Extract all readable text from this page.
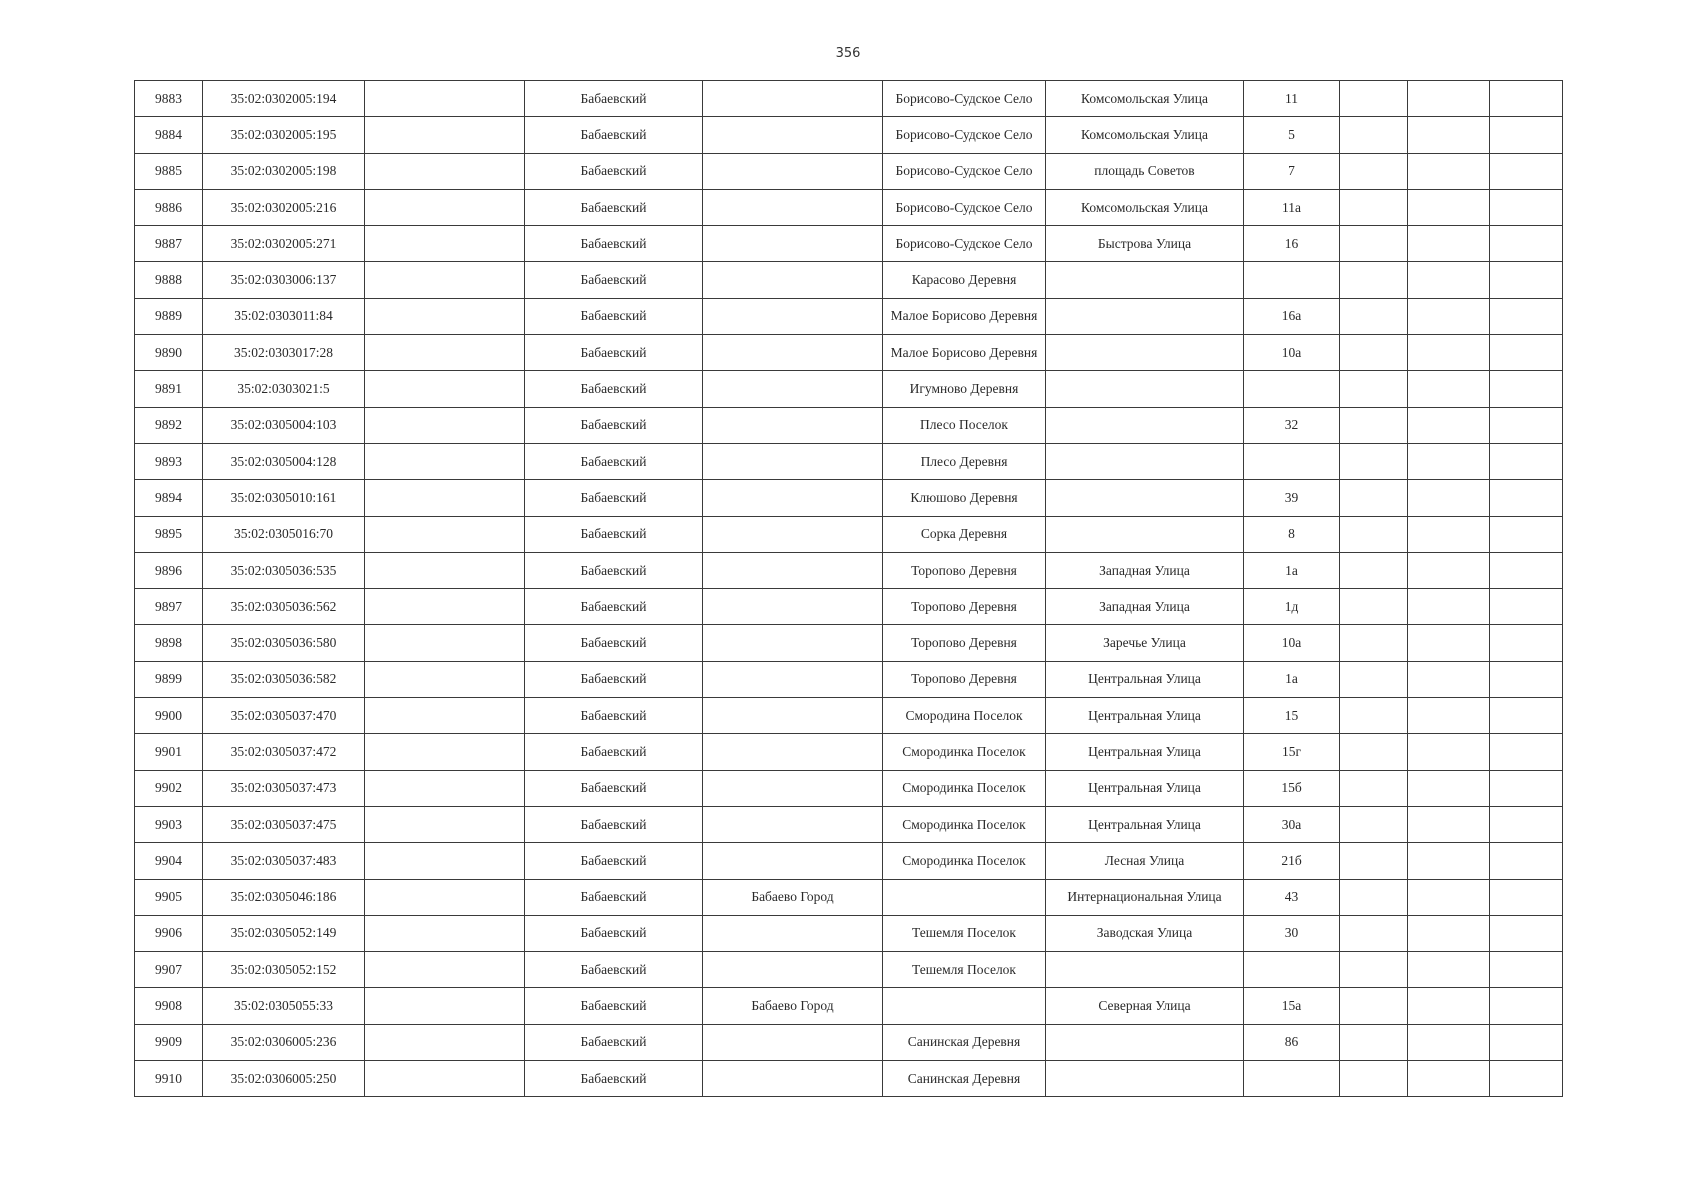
356
9883	35:02:0302005:194		Бабаевский		Борисово-Судское Село	Комсомольская Улица	11			
9884	35:02:0302005:195		Бабаевский		Борисово-Судское Село	Комсомольская Улица	5			
9885	35:02:0302005:198		Бабаевский		Борисово-Судское Село	площадь Советов	7			
9886	35:02:0302005:216		Бабаевский		Борисово-Судское Село	Комсомольская Улица	11а			
9887	35:02:0302005:271		Бабаевский		Борисово-Судское Село	Быстрова Улица	16			
9888	35:02:0303006:137		Бабаевский		Карасово Деревня					
9889	35:02:0303011:84		Бабаевский		Малое Борисово Деревня		16а			
9890	35:02:0303017:28		Бабаевский		Малое Борисово Деревня		10а			
9891	35:02:0303021:5		Бабаевский		Игумново Деревня					
9892	35:02:0305004:103		Бабаевский		Плесо Поселок		32			
9893	35:02:0305004:128		Бабаевский		Плесо Деревня					
9894	35:02:0305010:161		Бабаевский		Клюшово Деревня		39			
9895	35:02:0305016:70		Бабаевский		Сорка Деревня		8			
9896	35:02:0305036:535		Бабаевский		Торопово Деревня	Западная Улица	1а			
9897	35:02:0305036:562		Бабаевский		Торопово Деревня	Западная Улица	1д			
9898	35:02:0305036:580		Бабаевский		Торопово Деревня	Заречье Улица	10а			
9899	35:02:0305036:582		Бабаевский		Торопово Деревня	Центральная Улица	1а			
9900	35:02:0305037:470		Бабаевский		Смородина Поселок	Центральная Улица	15			
9901	35:02:0305037:472		Бабаевский		Смородинка Поселок	Центральная Улица	15г			
9902	35:02:0305037:473		Бабаевский		Смородинка Поселок	Центральная Улица	15б			
9903	35:02:0305037:475		Бабаевский		Смородинка Поселок	Центральная Улица	30а			
9904	35:02:0305037:483		Бабаевский		Смородинка Поселок	Лесная Улица	21б			
9905	35:02:0305046:186		Бабаевский	Бабаево Город		Интернациональная Улица	43			
9906	35:02:0305052:149		Бабаевский		Тешемля Поселок	Заводская Улица	30			
9907	35:02:0305052:152		Бабаевский		Тешемля Поселок					
9908	35:02:0305055:33		Бабаевский	Бабаево Город		Северная Улица	15а			
9909	35:02:0306005:236		Бабаевский		Санинская Деревня		86			
9910	35:02:0306005:250		Бабаевский		Санинская Деревня					
